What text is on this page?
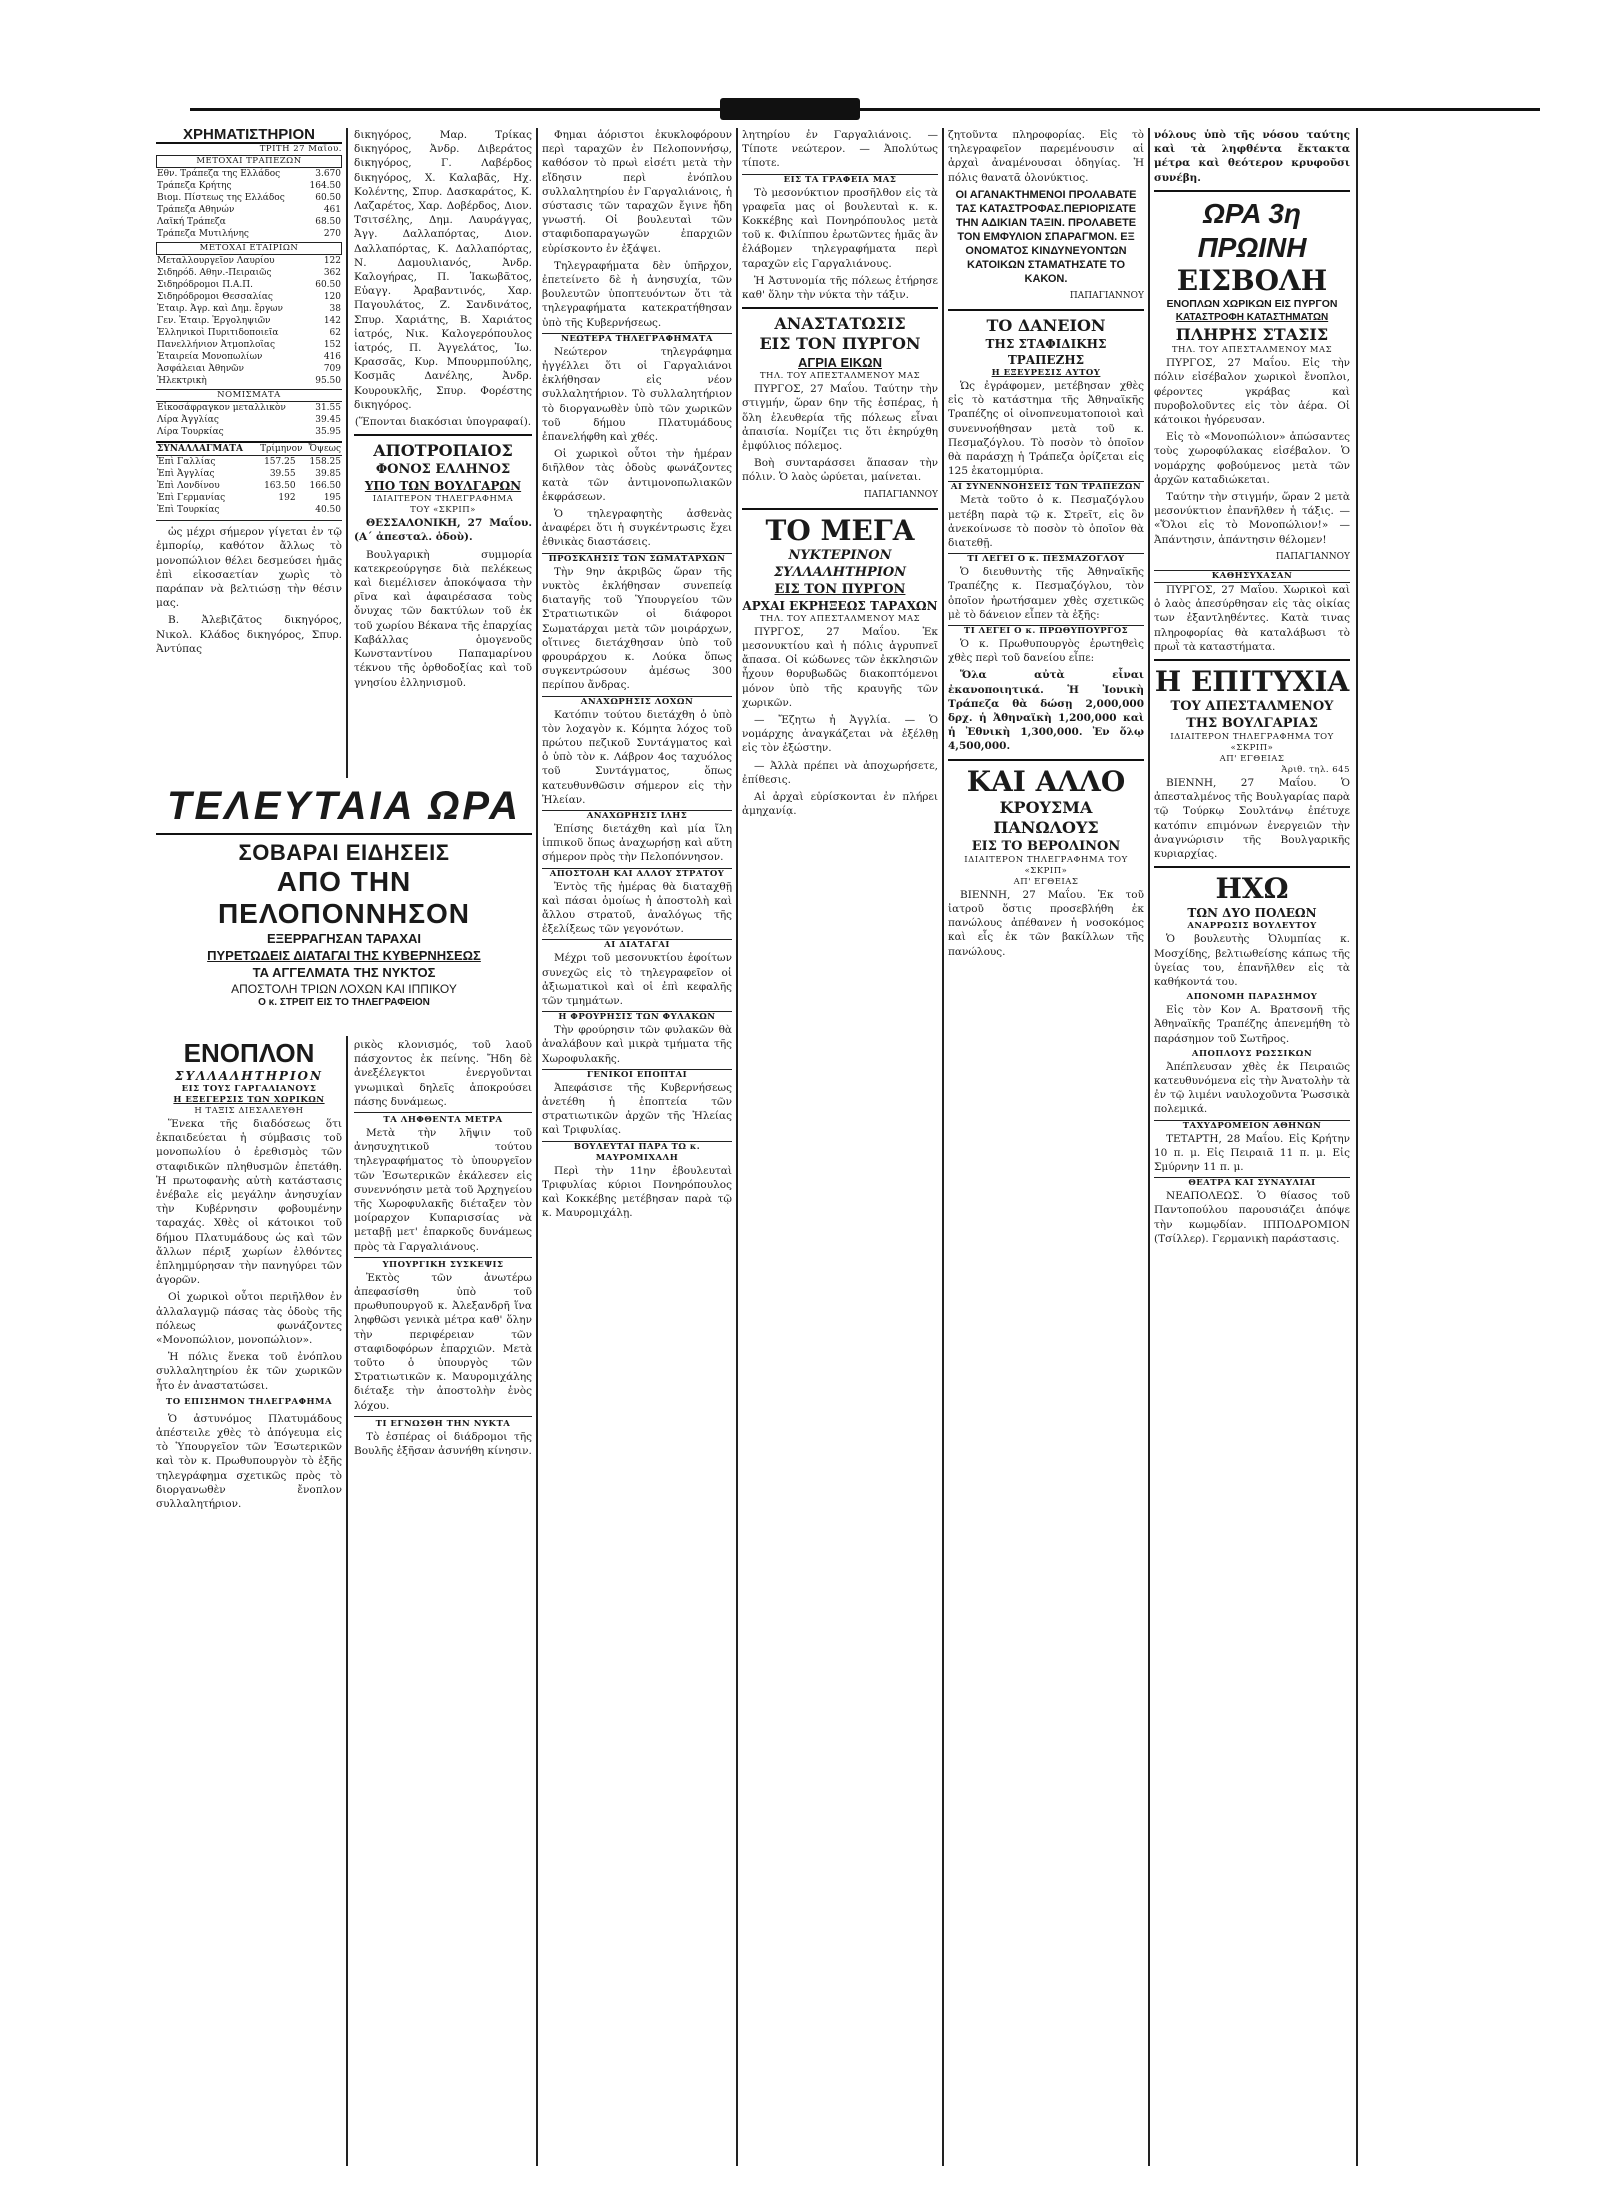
ΧΡΗΜΑΤΙΣΤΗΡΙΟΝ
ΤΡΙΤΗ 27 Μαΐου.
ΜΕΤΟΧΑΙ ΤΡΑΠΕΖΩΝ
Εθν. Τράπεζα της Ελλάδος	3.670
Τράπεζα Κρήτης	164.50
Βιομ. Πίστεως της Ελλάδος	60.50
Τράπεζα Αθηνών	461
Λαϊκή Τράπεζα	68.50
Τράπεζα Μυτιλήνης	270
ΜΕΤΟΧΑΙ ΕΤΑΙΡΙΩΝ
Μεταλλουργεῖον Λαυρίου	122
Σιδηρόδ. Αθην.-Πειραιῶς	362
Σιδηρόδρομοι Π.Α.Π.	60.50
Σιδηρόδρομοι Θεσσαλίας	120
Ἑταιρ. Ἀγρ. καὶ Δημ. ἔργων	38
Γεν. Ἑταιρ. Ἐργοληψιῶν	142
Ἑλληνικοὶ Πυριτιδοποιεῖα	62
Πανελλήνιον Ἀτμοπλοΐας	152
Ἑταιρεία Μονοπωλίων	416
Ἀσφάλειαι Ἀθηνῶν	709
Ἠλεκτρικὴ	95.50
ΝΟΜΙΣΜΑΤΑ
Εἰκοσάφραγκον μεταλλικὸν	31.55
Λίρα Ἀγγλίας	39.45
Λίρα Τουρκίας	35.95
ΣΥΝΑΛΛΑΓΜΑΤΑ	Τρίμηνον	Ὄψεως
Ἐπὶ Γαλλίας	157.25	158.25
Ἐπὶ Ἀγγλίας	39.55	39.85
Ἐπὶ Λονδίνου	163.50	166.50
Ἐπὶ Γερμανίας	192	195
Ἐπὶ Τουρκίας		40.50

ὡς μέχρι σήμερον γίγεται ἐν τῷ ἐμπορίῳ, καθότον ἄλλως τὸ μονοπώλιον θέλει δεσμεύσει ἡμᾶς ἐπὶ εἰκοσαετίαν χωρὶς τὸ παράπαν νὰ βελτιώσῃ τὴν θέσιν μας.

Β. Ἀλεβιζᾶτος δικηγόρος, Νικολ. Κλάδος δικηγόρος, Σπυρ. Ἀντύπας

δικηγόρος, Μαρ. Τρίκας δικηγόρος, Ἀνδρ. Διβεράτος δικηγόρος, Γ. Λαβέρδος δικηγόρος, Χ. Καλαβᾶς, Ηχ. Κολέντης, Σπυρ. Δασκαράτος, Κ. Λαζαρέτος, Χαρ. Δοβέρδος, Διον. Τσιτσέλης, Δημ. Λαυράγγας, Ἀγγ. Δαλλαπόρτας, Διον. Δαλλαπόρτας, Κ. Δαλλαπόρτας, Ν. Δαμουλιανός, Ἀνδρ. Καλογήρας, Π. Ἰακωβᾶτος, Εὐαγγ. Ἀραβαντινός, Χαρ. Παγουλάτος, Ζ. Σανδινάτος, Σπυρ. Χαριάτης, Β. Χαριάτος ἰατρός, Νικ. Καλογερόπουλος ἰατρός, Π. Ἀγγελάτος, Ἰω. Κρασσᾶς, Κυρ. Μπουρμπούλης, Κοσμᾶς Δανέλης, Ἀνδρ. Κουρουκλῆς, Σπυρ. Φορέστης δικηγόρος.

(Ἕπονται διακόσιαι ὑπογραφαί).

ΑΠΟΤΡΟΠΑΙΟΣ
ΦΟΝΟΣ ΕΛΛΗΝΟΣ
ΥΠΟ ΤΩΝ ΒΟΥΛΓΑΡΩΝ
ΙΔΙΑΙΤΕΡΟΝ ΤΗΛΕΓΡΑΦΗΜΑ
ΤΟΥ «ΣΚΡΙΠ»

ΘΕΣΣΑΛΟΝΙΚΗ, 27 Μαΐου. (Α΄ ἀπεσταλ. ὁδοὺ).

Βουλγαρικὴ συμμορία κατεκρεούργησε διὰ πελέκεως καὶ διεμέλισεν ἀποκόψασα τὴν ρῖνα καὶ ἀφαιρέσασα τοὺς ὄνυχας τῶν δακτύλων τοῦ ἐκ τοῦ χωρίου Βέκανα τῆς ἐπαρχίας Καβάλλας ὁμογενοῦς Κωνσταντίνου Παπαμαρίνου τέκνου τῆς ὀρθοδοξίας καὶ τοῦ γνησίου ἑλληνισμοῦ.

ΤΕΛΕΥΤΑΙΑ ΩΡΑ
ΣΟΒΑΡΑΙ ΕΙΔΗΣΕΙΣ
ΑΠΟ ΤΗΝ ΠΕΛΟΠΟΝΝΗΣΟΝ
ΕΞΕΡΡΑΓΗΣΑΝ ΤΑΡΑΧΑΙ
ΠΥΡΕΤΩΔΕΙΣ ΔΙΑΤΑΓΑΙ ΤΗΣ ΚΥΒΕΡΝΗΣΕΩΣ
ΤΑ ΑΓΓΕΛΜΑΤΑ ΤΗΣ ΝΥΚΤΟΣ
ΑΠΟΣΤΟΛΗ ΤΡΙΩΝ ΛΟΧΩΝ ΚΑΙ ΙΠΠΙΚΟΥ
Ο κ. ΣΤΡΕΙΤ ΕΙΣ ΤΟ ΤΗΛΕΓΡΑΦΕΙΟΝ
ΕΝΟΠΛΟΝ
ΣΥΛΛΑΛΗΤΗΡΙΟΝ
ΕΙΣ ΤΟΥΣ ΓΑΡΓΑΛΙΑΝΟΥΣ
Η ΕΞΕΓΕΡΣΙΣ ΤΩΝ ΧΩΡΙΚΩΝ
Η ΤΑΞΙΣ ΔΙΕΣΑΛΕΥΘΗ

Ἕνεκα τῆς διαδόσεως ὅτι ἐκπαιδεύεται ἡ σύμβασις τοῦ μονοπωλίου ὁ ἐρεθισμὸς τῶν σταφιδικῶν πληθυσμῶν ἐπετάθη. Ἡ πρωτοφανὴς αὐτὴ κατάστασις ἐνέβαλε εἰς μεγάλην ἀνησυχίαν τὴν Κυβέρνησιν φοβουμένην ταραχάς. Χθὲς οἱ κάτοικοι τοῦ δήμου Πλατυμάδους ὡς καὶ τῶν ἄλλων πέριξ χωρίων ἐλθόντες ἐπλημμύρησαν τὴν πανηγύρει τῶν ἀγορῶν.

Οἱ χωρικοὶ οὗτοι περιῆλθον ἐν ἀλλαλαγμῷ πάσας τὰς ὁδοὺς τῆς πόλεως φωνάζοντες «Μονοπώλιον, μονοπώλιον».

Ἡ πόλις ἕνεκα τοῦ ἐνόπλου συλλαλητηρίου ἐκ τῶν χωρικῶν ἦτο ἐν ἀναστατώσει.

ΤΟ ΕΠΙΣΗΜΟΝ ΤΗΛΕΓΡΑΦΗΜΑ

Ὁ ἀστυνόμος Πλατυμάδους ἀπέστειλε χθὲς τὸ ἀπόγευμα εἰς τὸ Ὑπουργεῖον τῶν Ἐσωτερικῶν καὶ τὸν κ. Πρωθυπουργὸν τὸ ἑξῆς τηλεγράφημα σχετικῶς πρὸς τὸ διοργανωθὲν ἔνοπλον συλλαλητήριον.

ρικὸς κλονισμός, τοῦ λαοῦ πάσχοντος ἐκ πείνης. Ἤδη δὲ ἀνεξέλεγκτοι ἐνεργοῦνται γνωμικαὶ δηλεῖς ἀποκρούσει πάσης δυνάμεως.

ΤΑ ΛΗΦΘΕΝΤΑ ΜΕΤΡΑ

Μετὰ τὴν λῆψιν τοῦ ἀνησυχητικοῦ τούτου τηλεγραφήματος τὸ ὑπουργεῖον τῶν Ἐσωτερικῶν ἐκάλεσεν εἰς συνεννόησιν μετὰ τοῦ Ἀρχηγείου τῆς Χωροφυλακῆς διέταξεν τὸν μοίραρχον Κυπαρισσίας νὰ μεταβῇ μετ' ἐπαρκοῦς δυνάμεως πρὸς τὰ Γαργαλιάνους.

ΥΠΟΥΡΓΙΚΗ ΣΥΣΚΕΨΙΣ

Ἐκτὸς τῶν ἀνωτέρω ἀπεφασίσθη ὑπὸ τοῦ πρωθυπουργοῦ κ. Ἀλεξανδρῆ ἵνα ληφθῶσι γενικὰ μέτρα καθ' ὅλην τὴν περιφέρειαν τῶν σταφιδοφόρων ἐπαρχιῶν. Μετὰ τοῦτο ὁ ὑπουργὸς τῶν Στρατιωτικῶν κ. Μαυρομιχάλης διέταξε τὴν ἀποστολὴν ἑνὸς λόχου.

ΤΙ ΕΓΝΩΣΘΗ ΤΗΝ ΝΥΚΤΑ

Τὸ ἐσπέρας οἱ διάδρομοι τῆς Βουλῆς ἐξῆσαν ἀσυνήθη κίνησιν.

Φημαι ἀόριστοι ἐκυκλοφόρουν περὶ ταραχῶν ἐν Πελοποννήσῳ, καθόσον τὸ πρωὶ εἰσέτι μετὰ τὴν εἴδησιν περὶ ἐνόπλου συλλαλητηρίου ἐν Γαργαλιάνοις, ἡ σύστασις τῶν ταραχῶν ἔγινε ἤδη γνωστή. Οἱ βουλευταὶ τῶν σταφιδοπαραγωγῶν ἐπαρχιῶν εὑρίσκοντο ἐν ἐξάψει.

Τηλεγραφήματα δὲν ὑπῆρχον, ἐπετείνετο δὲ ἡ ἀνησυχία, τῶν βουλευτῶν ὑποπτευόντων ὅτι τὰ τηλεγραφήματα κατεκρατήθησαν ὑπὸ τῆς Κυβερνήσεως.

ΝΕΩΤΕΡΑ ΤΗΛΕΓΡΑΦΗΜΑΤΑ

Νεώτερον τηλεγράφημα ἠγγέλλει ὅτι οἱ Γαργαλιάνοι ἐκλήθησαν εἰς νέον συλλαλητήριον. Τὸ συλλαλητήριον τὸ διοργανωθὲν ὑπὸ τῶν χωρικῶν τοῦ δήμου Πλατυμάδους ἐπανελήφθη καὶ χθές.

Οἱ χωρικοὶ οὗτοι τὴν ἡμέραν διῆλθον τὰς ὁδοὺς φωνάζοντες κατὰ τῶν ἀντιμονοπωλιακῶν ἐκφράσεων.

Ὁ τηλεγραφητὴς ἀσθενὰς ἀναφέρει ὅτι ἡ συγκέντρωσις ἔχει ἐθνικὰς διαστάσεις.

ΠΡΟΣΚΛΗΣΙΣ ΤΩΝ ΣΩΜΑΤΑΡΧΩΝ

Τὴν 9ην ἀκριβῶς ὥραν τῆς νυκτὸς ἐκλήθησαν συνεπείᾳ διαταγῆς τοῦ Ὑπουργείου τῶν Στρατιωτικῶν οἱ διάφοροι Σωματάρχαι μετὰ τῶν μοιράρχων, οἵτινες διετάχθησαν ὑπὸ τοῦ φρουράρχου κ. Λούκα ὅπως συγκεντρώσουν ἀμέσως 300 περίπου ἄνδρας.

ΑΝΑΧΩΡΗΣΙΣ ΛΟΧΩΝ

Κατόπιν τούτου διετάχθη ὁ ὑπὸ τὸν λοχαγὸν κ. Κόμητα λόχος τοῦ πρώτου πεζικοῦ Συντάγματος καὶ ὁ ὑπὸ τὸν κ. Λάβρον 4ος ταχυόλος τοῦ Συντάγματος, ὅπως κατευθυνθῶσιν σήμερον εἰς τὴν Ἠλείαν.

ΑΝΑΧΩΡΗΣΙΣ ΙΛΗΣ

Ἐπίσης διετάχθη καὶ μία ἴλη ἱππικοῦ ὅπως ἀναχωρήσῃ καὶ αὕτη σήμερον πρὸς τὴν Πελοπόννησον.

ΑΠΟΣΤΟΛΗ ΚΑΙ ΑΛΛΟΥ ΣΤΡΑΤΟΥ

Ἐντὸς τῆς ἡμέρας θὰ διαταχθῇ καὶ πάσαι ὁμοίως ἡ ἀποστολὴ καὶ ἄλλου στρατοῦ, ἀναλόγως τῆς ἐξελίξεως τῶν γεγονότων.

ΑΙ ΔΙΑΤΑΓΑΙ

Μέχρι τοῦ μεσονυκτίου ἐφοίτων συνεχῶς εἰς τὸ τηλεγραφεῖον οἱ ἀξιωματικοὶ καὶ οἱ ἐπὶ κεφαλῆς τῶν τμημάτων.

Η ΦΡΟΥΡΗΣΙΣ ΤΩΝ ΦΥΛΑΚΩΝ

Τὴν φρούρησιν τῶν φυλακῶν θὰ ἀναλάβουν καὶ μικρὰ τμήματα τῆς Χωροφυλακῆς.

ΓΕΝΙΚΟΙ ΕΠΟΠΤΑΙ

Ἀπεφάσισε τῆς Κυβερνήσεως ἀνετέθη ἡ ἐποπτεία τῶν στρατιωτικῶν ἀρχῶν τῆς Ἠλείας καὶ Τριφυλίας.

ΒΟΥΛΕΥΤΑΙ ΠΑΡΑ ΤΩ κ. ΜΑΥΡΟΜΙΧΑΛΗ

Περὶ τὴν 11ην ἐβουλευταὶ Τριφυλίας κύριοι Πονηρόπουλος καὶ Κοκκέβης μετέβησαν παρὰ τῷ κ. Μαυρομιχάλῃ.

λητηρίου ἐν Γαργαλιάνοις. — Τίποτε νεώτερον. — Ἀπολύτως τίποτε.

ΕΙΣ ΤΑ ΓΡΑΦΕΙΑ ΜΑΣ

Τὸ μεσονύκτιον προσῆλθον εἰς τὰ γραφεῖα μας οἱ βουλευταὶ κ. κ. Κοκκέβης καὶ Πονηρόπουλος μετὰ τοῦ κ. Φιλίππου ἐρωτῶντες ἡμᾶς ἂν ἐλάβομεν τηλεγραφήματα περὶ ταραχῶν εἰς Γαργαλιάνους.

Ἡ Ἀστυνομία τῆς πόλεως ἐτήρησε καθ' ὅλην τὴν νύκτα τὴν τάξιν.

ΑΝΑΣΤΑΤΩΣΙΣ
ΕΙΣ ΤΟΝ ΠΥΡΓΟΝ
ΑΓΡΙΑ ΕΙΚΩΝ
ΤΗΛ. ΤΟΥ ΑΠΕΣΤΑΛΜΕΝΟΥ ΜΑΣ

ΠΥΡΓΟΣ, 27 Μαΐου. Ταύτην τὴν στιγμήν, ὥραν 6ην τῆς ἑσπέρας, ἡ ὅλη ἐλευθερία τῆς πόλεως εἶναι ἀπαισία. Νομίζει τις ὅτι ἐκηρύχθη ἐμφύλιος πόλεμος.

Βοὴ συνταράσσει ἅπασαν τὴν πόλιν. Ὁ λαὸς ὠρύεται, μαίνεται.

ΠΑΠΑΓΙΑΝΝΟΥ
ΤΟ ΜΕΓΑ
ΝΥΚΤΕΡΙΝΟΝ ΣΥΛΛΑΛΗΤΗΡΙΟΝ
ΕΙΣ ΤΟΝ ΠΥΡΓΟΝ
ΑΡΧΑΙ ΕΚΡΗΞΕΩΣ ΤΑΡΑΧΩΝ
ΤΗΛ. ΤΟΥ ΑΠΕΣΤΑΛΜΕΝΟΥ ΜΑΣ

ΠΥΡΓΟΣ, 27 Μαΐου. Ἐκ μεσονυκτίου καὶ ἡ πόλις ἀγρυπνεῖ ἄπασα. Οἱ κώδωνες τῶν ἐκκλησιῶν ἦχουν θορυβωδῶς διακοπτόμενοι μόνον ὑπὸ τῆς κραυγῆς τῶν χωρικῶν.

— Ἔζητω ἡ Ἀγγλία. — Ὁ νομάρχης ἀναγκάζεται νὰ ἐξέλθῃ εἰς τὸν ἐξώστην.

— Ἀλλὰ πρέπει νὰ ἀποχωρήσετε, ἐπίθεσις.

Αἱ ἀρχαὶ εὑρίσκονται ἐν πλήρει ἀμηχανίᾳ.

ζητοῦντα πληροφορίας. Εἰς τὸ τηλεγραφεῖον παρεμένουσιν αἱ ἀρχαὶ ἀναμένουσαι ὁδηγίας. Ἡ πόλις θανατᾶ ὁλονύκτιος.

ΟΙ ΑΓΑΝΑΚΤΗΜΕΝΟΙ ΠΡΟΛΑΒΑΤΕ ΤΑΣ ΚΑΤΑΣΤΡΟΦΑΣ.ΠΕΡΙΟΡΙΣΑΤΕ ΤΗΝ ΑΔΙΚΙΑΝ ΤΑΞΙΝ. ΠΡΟΛΑΒΕΤΕ ΤΟΝ ΕΜΦΥΛΙΟΝ ΣΠΑΡΑΓΜΟΝ. ΕΞ ΟΝΟΜΑΤΟΣ ΚΙΝΔΥΝΕΥΟΝΤΩΝ ΚΑΤΟΙΚΩΝ ΣΤΑΜΑΤΗΣΑΤΕ ΤΟ ΚΑΚΟΝ.

ΠΑΠΑΓΙΑΝΝΟΥ
ΤΟ ΔΑΝΕΙΟΝ
ΤΗΣ ΣΤΑΦΙΔΙΚΗΣ ΤΡΑΠΕΖΗΣ
Η ΕΞΕΥΡΕΣΙΣ ΑΥΤΟΥ

Ὡς ἐγράφομεν, μετέβησαν χθὲς εἰς τὸ κατάστημα τῆς Ἀθηναϊκῆς Τραπέζης οἱ οἰνοπνευματοποιοὶ καὶ συνεννοήθησαν μετὰ τοῦ κ. Πεσμαζόγλου. Τὸ ποσὸν τὸ ὁποῖον θὰ παράσχῃ ἡ Τράπεζα ὁρίζεται εἰς 125 ἑκατομμύρια.

ΑΙ ΣΥΝΕΝΝΟΗΣΕΙΣ ΤΩΝ ΤΡΑΠΕΖΩΝ

Μετὰ τοῦτο ὁ κ. Πεσμαζόγλου μετέβη παρὰ τῷ κ. Στρεῖτ, εἰς ὃν ἀνεκοίνωσε τὸ ποσὸν τὸ ὁποῖον θὰ διατεθῇ.

ΤΙ ΛΕΓΕΙ Ο κ. ΠΕΣΜΑΖΟΓΛΟΥ

Ὁ διευθυντὴς τῆς Ἀθηναϊκῆς Τραπέζης κ. Πεσμαζόγλου, τὸν ὁποῖον ἠρωτήσαμεν χθὲς σχετικῶς μὲ τὸ δάνειον εἶπεν τὰ ἑξῆς:

ΤΙ ΛΕΓΕΙ Ο κ. ΠΡΩΘΥΠΟΥΡΓΟΣ

Ὁ κ. Πρωθυπουργὸς ἐρωτηθεὶς χθὲς περὶ τοῦ δανείου εἶπε:

Ὅλα αὐτὰ εἶναι ἐκανοποιητικά. Ἡ Ἰονικὴ Τράπεζα θὰ δώσῃ 2,000,000 δρχ. ἡ Ἀθηναϊκὴ 1,200,000 καὶ ἡ Ἐθνικὴ 1,300,000. Ἐν ὅλῳ 4,500,000.

ΚΑΙ ΑΛΛΟ
ΚΡΟΥΣΜΑ ΠΑΝΩΛΟΥΣ
ΕΙΣ ΤΟ ΒΕΡΟΛΙΝΟΝ
ΙΔΙΑΙΤΕΡΟΝ ΤΗΛΕΓΡΑΦΗΜΑ ΤΟΥ «ΣΚΡΙΠ»
ΑΠ' ΕΓΘΕΙΑΣ

ΒΙΕΝΝΗ, 27 Μαΐου. Ἐκ τοῦ ἰατροῦ ὅστις προσεβλήθη ἐκ πανώλους ἀπέθανεν ἡ νοσοκόμος καὶ εἷς ἐκ τῶν βακίλλων τῆς πανώλους.

νόλους ὑπὸ τῆς νόσου ταύτης καὶ τὰ ληφθέντα ἔκτακτα μέτρα καὶ θεότερον κρυφοῦσι συνέβη.

ΩΡΑ 3η ΠΡΩΙΝΗ
ΕΙΣΒΟΛΗ
ΕΝΟΠΛΩΝ ΧΩΡΙΚΩΝ ΕΙΣ ΠΥΡΓΟΝ
ΚΑΤΑΣΤΡΟΦΗ ΚΑΤΑΣΤΗΜΑΤΩΝ
ΠΛΗΡΗΣ ΣΤΑΣΙΣ
ΤΗΛ. ΤΟΥ ΑΠΕΣΤΑΛΜΕΝΟΥ ΜΑΣ

ΠΥΡΓΟΣ, 27 Μαΐου. Εἰς τὴν πόλιν εἰσέβαλον χωρικοὶ ἔνοπλοι, φέροντες γκράβας καὶ πυροβολοῦντες εἰς τὸν ἀέρα. Οἱ κάτοικοι ἠγόρευσαν.

Εἰς τὸ «Μονοπώλιον» ἀπώσαντες τοὺς χωροφύλακας εἰσέβαλον. Ὁ νομάρχης φοβούμενος μετὰ τῶν ἀρχῶν καταδιώκεται.

Ταύτην τὴν στιγμήν, ὥραν 2 μετὰ μεσονύκτιον ἐπανῆλθεν ἡ τάξις. — «Ὅλοι εἰς τὸ Μονοπώλιον!» — Ἀπάντησιν, ἀπάντησιν θέλομεν!

ΠΑΠΑΓΙΑΝΝΟΥ
ΚΑΘΗΣΥΧΑΣΑΝ

ΠΥΡΓΟΣ, 27 Μαΐου. Χωρικοὶ καὶ ὁ λαὸς ἀπεσύρθησαν εἰς τὰς οἰκίας των ἐξαντληθέντες. Κατὰ τινας πληροφορίας θὰ καταλάβωσι τὸ πρωῒ τὰ καταστήματα.

Η ΕΠΙΤΥΧΙΑ
ΤΟΥ ΑΠΕΣΤΑΛΜΕΝΟΥ
ΤΗΣ ΒΟΥΛΓΑΡΙΑΣ
ΙΔΙΑΙΤΕΡΟΝ ΤΗΛΕΓΡΑΦΗΜΑ ΤΟΥ «ΣΚΡΙΠ»
ΑΠ' ΕΓΘΕΙΑΣ
Ἀριθ. τηλ. 645

ΒΙΕΝΝΗ, 27 Μαΐου. Ὁ ἀπεσταλμένος τῆς Βουλγαρίας παρὰ τῷ Τούρκῳ Σουλτάνῳ ἐπέτυχε κατόπιν επιμόνων ἐνεργειῶν τὴν ἀναγνώρισιν τῆς Βουλγαρικῆς κυριαρχίας.

ΗΧΩ
ΤΩΝ ΔΥΟ ΠΟΛΕΩΝ
ΑΝΑΡΡΩΣΙΣ ΒΟΥΛΕΥΤΟΥ

Ὁ βουλευτὴς Ὀλυμπίας κ. Μοσχίδης, βελτιωθείσης κάπως τῆς ὑγείας του, ἐπανῆλθεν εἰς τὰ καθήκοντά του.

ΑΠΟΝΟΜΗ ΠΑΡΑΣΗΜΟΥ

Εἰς τὸν Κον Α. Βρατσονῆ τῆς Ἀθηναϊκῆς Τραπέζης ἀπενεμήθη τὸ παράσημον τοῦ Σωτῆρος.

ΑΠΟΠΛΟΥΣ ΡΩΣΣΙΚΩΝ

Ἀπέπλευσαν χθὲς ἐκ Πειραιῶς κατευθυνόμενα εἰς τὴν Ἀνατολὴν τὰ ἐν τῷ λιμένι ναυλοχοῦντα Ῥωσσικὰ πολεμικά.

ΤΑΧΥΔΡΟΜΕΙΟΝ ΑΘΗΝΩΝ

ΤΕΤΑΡΤΗ, 28 Μαΐου. Εἰς Κρήτην 10 π. μ. Εἰς Πειραιᾶ 11 π. μ. Εἰς Σμύρνην 11 π. μ.

ΘΕΑΤΡΑ ΚΑΙ ΣΥΝΑΥΛΙΑΙ

ΝΕΑΠΟΛΕΩΣ. Ὁ θίασος τοῦ Παντοπούλου παρουσιάζει ἀπόψε τὴν κωμῳδίαν. ΙΠΠΟΔΡΟΜΙΟΝ (Τσίλλερ). Γερμανικὴ παράστασις.
